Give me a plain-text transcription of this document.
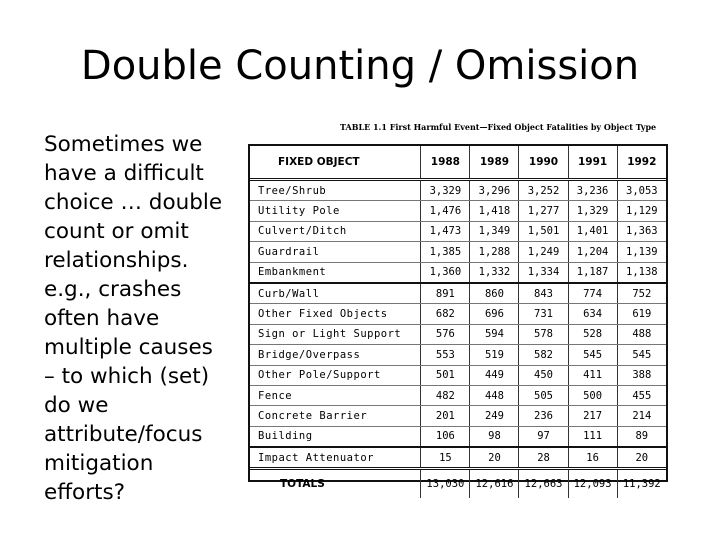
Double Counting / Omission
Sometimes we
have a difficult
choice … double
count or omit
relationships.
e.g., crashes
often have
multiple causes
– to which (set)
do we
attribute/focus
mitigation
efforts?
TABLE 1.1 First Harmful Event—Fixed Object Fatalities by Object Type
FIXED OBJECT	1988	1989	1990	1991	1992
Tree/Shrub	3,329	3,296	3,252	3,236	3,053
Utility Pole	1,476	1,418	1,277	1,329	1,129
Culvert/Ditch	1,473	1,349	1,501	1,401	1,363
Guardrail	1,385	1,288	1,249	1,204	1,139
Embankment	1,360	1,332	1,334	1,187	1,138
Curb/Wall	891	860	843	774	752
Other Fixed Objects	682	696	731	634	619
Sign or Light Support	576	594	578	528	488
Bridge/Overpass	553	519	582	545	545
Other Pole/Support	501	449	450	411	388
Fence	482	448	505	500	455
Concrete Barrier	201	249	236	217	214
Building	106	98	97	111	89
Impact Attenuator	15	20	28	16	20
TOTALS	13,030	12,616	12,663	12,093	11,392
